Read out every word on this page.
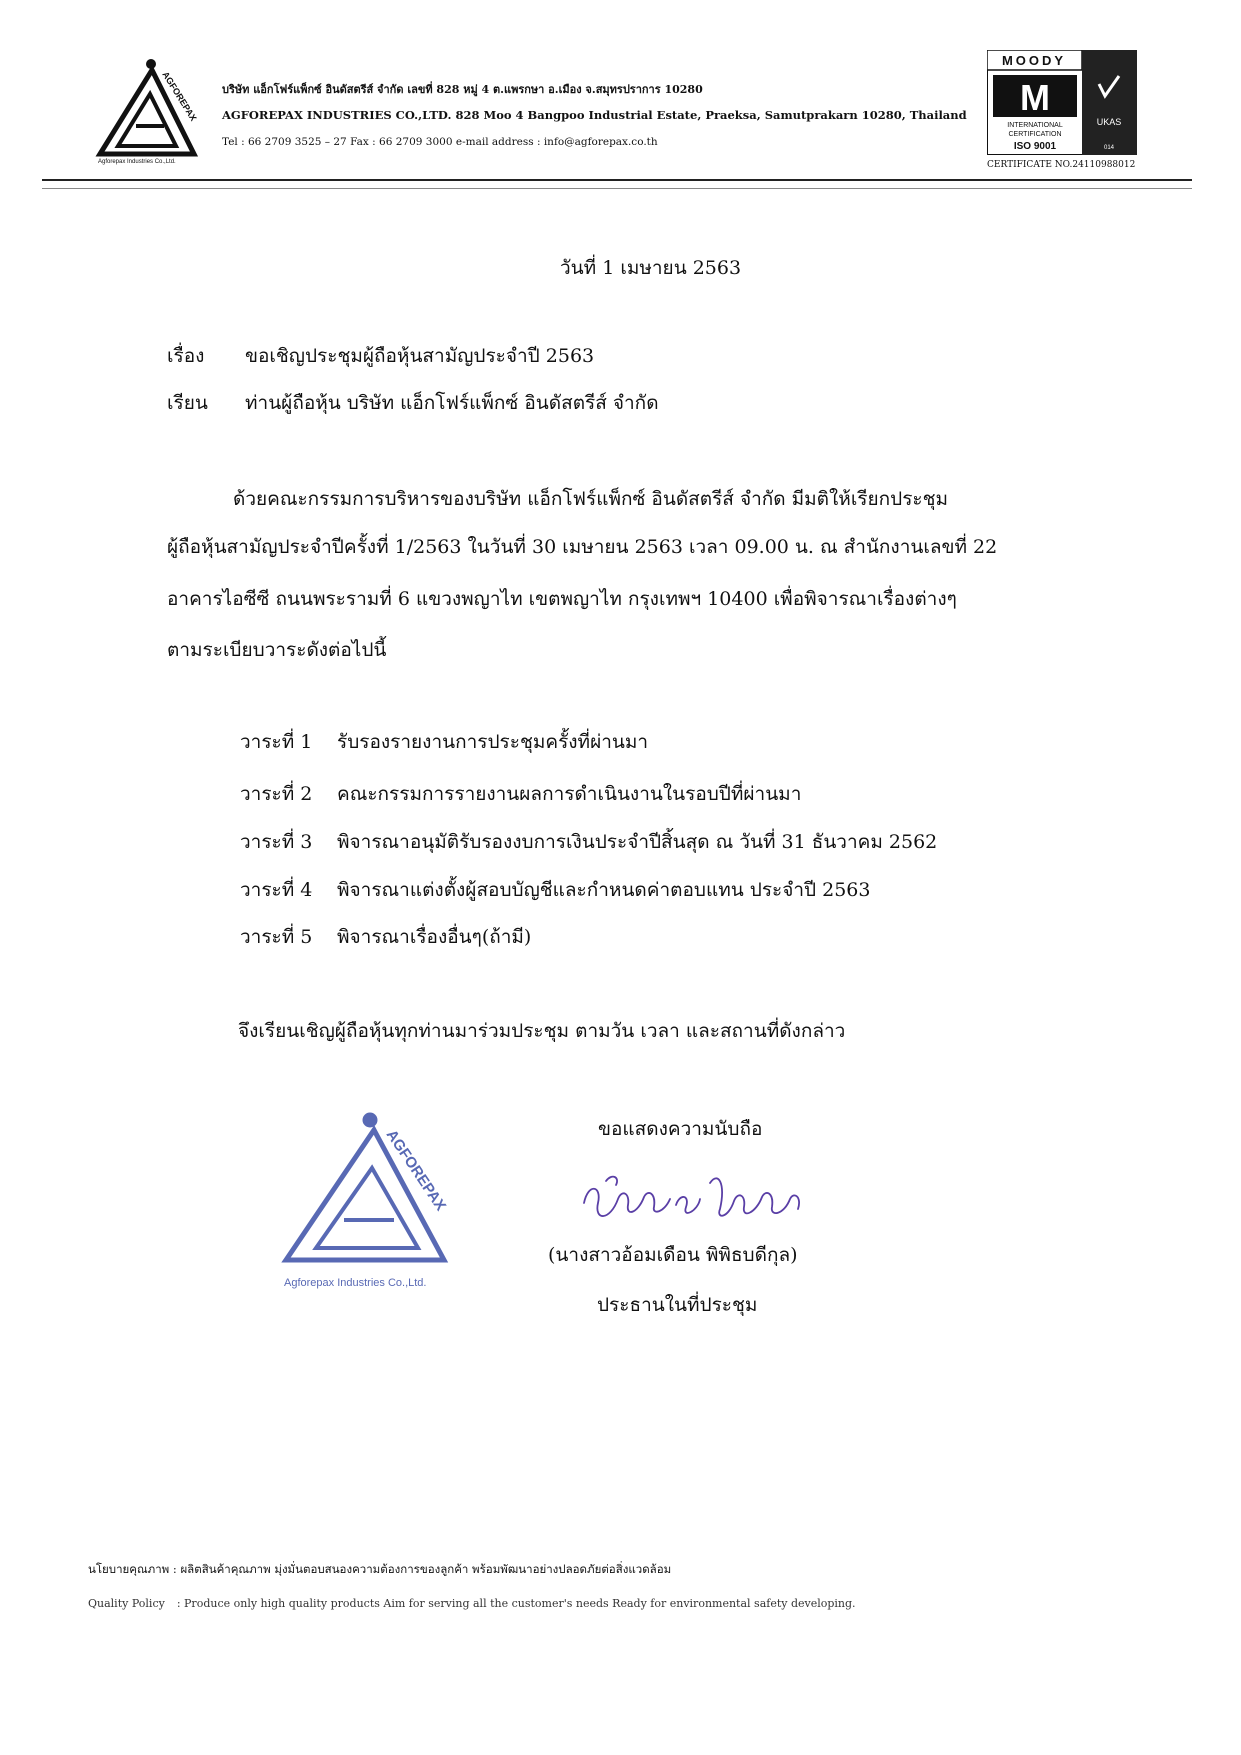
AGFOREPAX
Agforepax Industries Co.,Ltd.
บริษัท แอ็กโฟร์แพ็กซ์ อินดัสตรีส์ จำกัด เลขที่ 828 หมู่ 4 ต.แพรกษา อ.เมือง จ.สมุทรปราการ 10280
AGFOREPAX INDUSTRIES CO.,LTD. 828 Moo 4 Bangpoo Industrial Estate, Praeksa, Samutprakarn 10280, Thailand
Tel : 66 2709 3525 – 27 Fax : 66 2709 3000 e-mail address : info@agforepax.co.th
MOODY
UKAS
014
M
INTERNATIONAL
CERTIFICATION
ISO 9001
CERTIFICATE NO.24110988012
วันที่ 1 เมษายน 2563
เรื่อง ขอเชิญประชุมผู้ถือหุ้นสามัญประจำปี 2563
เรียน ท่านผู้ถือหุ้น บริษัท แอ็กโฟร์แพ็กซ์ อินดัสตรีส์ จำกัด
ด้วยคณะกรรมการบริหารของบริษัท แอ็กโฟร์แพ็กซ์ อินดัสตรีส์ จำกัด มีมติให้เรียกประชุม
ผู้ถือหุ้นสามัญประจำปีครั้งที่ 1/2563 ในวันที่ 30 เมษายน 2563 เวลา 09.00 น. ณ สำนักงานเลขที่ 22
อาคารไอซีซี ถนนพระรามที่ 6 แขวงพญาไท เขตพญาไท กรุงเทพฯ 10400 เพื่อพิจารณาเรื่องต่างๆ
ตามระเบียบวาระดังต่อไปนี้
วาระที่ 1 รับรองรายงานการประชุมครั้งที่ผ่านมา
วาระที่ 2 คณะกรรมการรายงานผลการดำเนินงานในรอบปีที่ผ่านมา
วาระที่ 3 พิจารณาอนุมัติรับรองงบการเงินประจำปีสิ้นสุด ณ วันที่ 31 ธันวาคม 2562
วาระที่ 4 พิจารณาแต่งตั้งผู้สอบบัญชีและกำหนดค่าตอบแทน ประจำปี 2563
วาระที่ 5 พิจารณาเรื่องอื่นๆ(ถ้ามี)
จึงเรียนเชิญผู้ถือหุ้นทุกท่านมาร่วมประชุม ตามวัน เวลา และสถานที่ดังกล่าว
AGFOREPAX
Agforepax Industries Co.,Ltd.
ขอแสดงความนับถือ
(นางสาวอ้อมเดือน พิพิธบดีกุล)
ประธานในที่ประชุม
นโยบายคุณภาพ : ผลิตสินค้าคุณภาพ มุ่งมั่นตอบสนองความต้องการของลูกค้า พร้อมพัฒนาอย่างปลอดภัยต่อสิ่งแวดล้อม
Quality Policy : Produce only high quality products Aim for serving all the customer's needs Ready for environmental safety developing.
